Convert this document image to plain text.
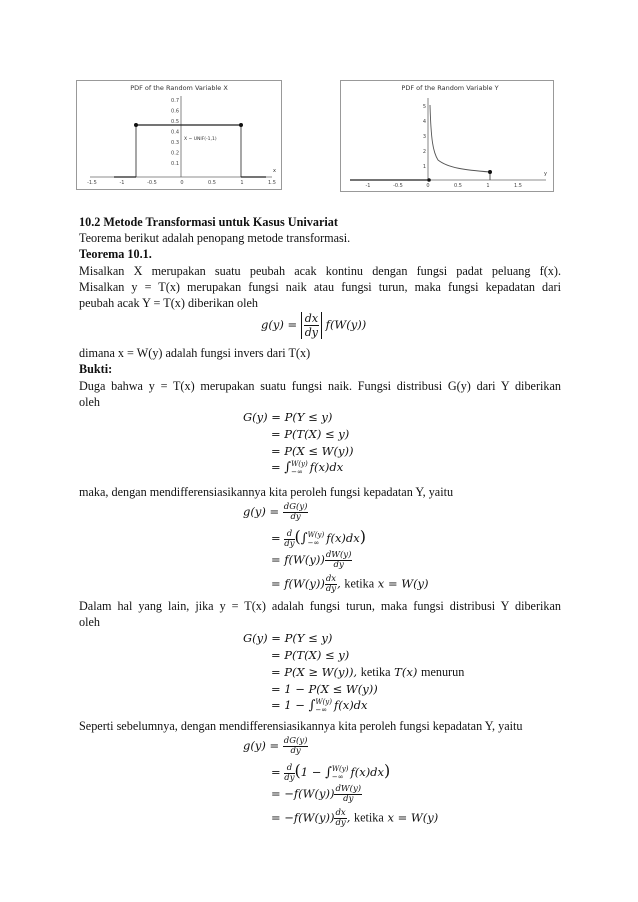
PDF of the Random Variable X
-1.5	-1	-0.5	0	0.5	1	1.5
0.7
0.6
0.5
0.4
0.3
0.2
0.1
X ~ UNIF(-1,1)
x
PDF of the Random Variable Y
-1	-0.5	0	0.5	1	1.5
5
4
3
2
1
y
10.2 Metode Transformasi untuk Kasus Univariat
Teorema berikut adalah penopang metode transformasi.
Teorema 10.1.
Misalkan X merupakan suatu peubah acak kontinu dengan fungsi padat peluang f(x).
Misalkan y = T(x) merupakan fungsi naik atau fungsi turun, maka fungsi kepadatan dari
peubah acak Y = T(x) diberikan oleh
$g(y) = \frac{dx}{dy} f(W(y))$
dimana x = W(y) adalah fungsi invers dari T(x)
Bukti:
Duga bahwa y = T(x) merupakan suatu fungsi naik. Fungsi distribusi G(y) dari Y diberikan
oleh
G(y) = P(Y ≤ y)
= P(T(X) ≤ y)
= P(X ≤ W(y))
= ∫W(y)
−∞ f(x)dx
maka, dengan mendifferensiasikannya kita peroleh fungsi kepadatan Y, yaitu
$g(y) = \frac{dG(y)}{dy}$
= $\frac{d}{dy} (\int W(y)$
−∞ f(x)dx)
= $f(W(y)) \frac{dW(y)}{dy}$
= $f(W(y)) \frac{dx}{dy}$ , ketika x = W(y)
Dalam hal yang lain, jika y = T(x) adalah fungsi turun, maka fungsi distribusi Y diberikan
oleh
G(y) = P(Y ≤ y)
= P(T(X) ≤ y)
= P(X ≥ W(y)), ketika T(x) menurun
= 1 − P(X ≤ W(y))
= 1 − ∫W(y)
−∞ f(x)dx
Seperti sebelumnya, dengan mendifferensiasikannya kita peroleh fungsi kepadatan Y, yaitu
$g(y) = \frac{dG(y)}{dy}$
= $\frac{d}{dy} (1 - \int W(y)$
−∞ f(x)dx)
= $-f(W(y)) \frac{dW(y)}{dy}$
= $-f(W(y)) \frac{dx}{dy}$ , ketika x = W(y)
